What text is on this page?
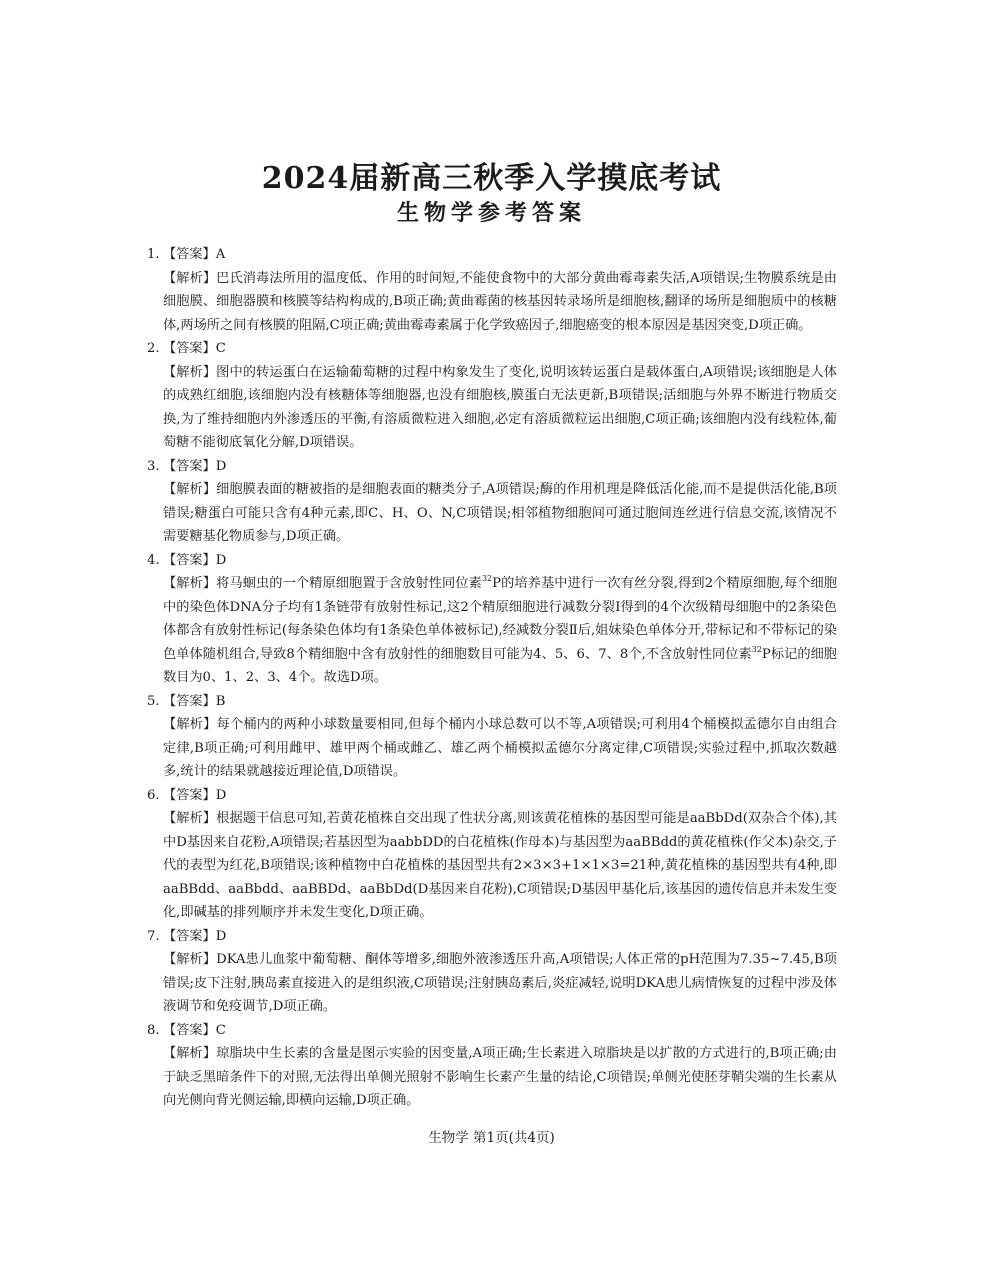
2024届新高三秋季入学摸底考试
生物学参考答案
1. 【答案】A
【解析】巴氏消毒法所用的温度低、作用的时间短,不能使食物中的大部分黄曲霉毒素失活,A项错误;生物膜系统是由细胞膜、细胞器膜和核膜等结构构成的,B项正确;黄曲霉菌的核基因转录场所是细胞核,翻译的场所是细胞质中的核糖体,两场所之间有核膜的阻隔,C项正确;黄曲霉毒素属于化学致癌因子,细胞癌变的根本原因是基因突变,D项正确。
2. 【答案】C
【解析】图中的转运蛋白在运输葡萄糖的过程中构象发生了变化,说明该转运蛋白是载体蛋白,A项错误;该细胞是人体的成熟红细胞,该细胞内没有核糖体等细胞器,也没有细胞核,膜蛋白无法更新,B项错误;活细胞与外界不断进行物质交换,为了维持细胞内外渗透压的平衡,有溶质微粒进入细胞,必定有溶质微粒运出细胞,C项正确;该细胞内没有线粒体,葡萄糖不能彻底氧化分解,D项错误。
3. 【答案】D
【解析】细胞膜表面的糖被指的是细胞表面的糖类分子,A项错误;酶的作用机理是降低活化能,而不是提供活化能,B项错误;糖蛋白可能只含有4种元素,即C、H、O、N,C项错误;相邻植物细胞间可通过胞间连丝进行信息交流,该情况不需要糖基化物质参与,D项正确。
4. 【答案】D
【解析】将马蛔虫的一个精原细胞置于含放射性同位素$^{32}$P的培养基中进行一次有丝分裂,得到2个精原细胞,每个细胞中的染色体DNA分子均有1条链带有放射性标记,这2个精原细胞进行减数分裂Ⅰ得到的4个次级精母细胞中的2条染色体都含有放射性标记(每条染色体均有1条染色单体被标记),经减数分裂Ⅱ后,姐妹染色单体分开,带标记和不带标记的染色单体随机组合,导致8个精细胞中含有放射性的细胞数目可能为4、5、6、7、8个,不含放射性同位素$^{32}$P标记的细胞数目为0、1、2、3、4个。故选D项。
5. 【答案】B
【解析】每个桶内的两种小球数量要相同,但每个桶内小球总数可以不等,A项错误;可利用4个桶模拟孟德尔自由组合定律,B项正确;可利用雌甲、雄甲两个桶或雌乙、雄乙两个桶模拟孟德尔分离定律,C项错误;实验过程中,抓取次数越多,统计的结果就越接近理论值,D项错误。
6. 【答案】D
【解析】根据题干信息可知,若黄花植株自交出现了性状分离,则该黄花植株的基因型可能是aaBbDd(双杂合个体),其中D基因来自花粉,A项错误;若基因型为aabbDD的白花植株(作母本)与基因型为aaBBdd的黄花植株(作父本)杂交,子代的表型为红花,B项错误;该种植物中白花植株的基因型共有2×3×3+1×1×3=21种,黄花植株的基因型共有4种,即aaBBdd、aaBbdd、aaBBDd、aaBbDd(D基因来自花粉),C项错误;D基因甲基化后,该基因的遗传信息并未发生变化,即碱基的排列顺序并未发生变化,D项正确。
7. 【答案】D
【解析】DKA患儿血浆中葡萄糖、酮体等增多,细胞外液渗透压升高,A项错误;人体正常的pH范围为7.35~7.45,B项错误;皮下注射,胰岛素直接进入的是组织液,C项错误;注射胰岛素后,炎症减轻,说明DKA患儿病情恢复的过程中涉及体液调节和免疫调节,D项正确。
8. 【答案】C
【解析】琼脂块中生长素的含量是图示实验的因变量,A项正确;生长素进入琼脂块是以扩散的方式进行的,B项正确;由于缺乏黑暗条件下的对照,无法得出单侧光照射不影响生长素产生量的结论,C项错误;单侧光使胚芽鞘尖端的生长素从向光侧向背光侧运输,即横向运输,D项正确。
生物学 第1页(共4页)
